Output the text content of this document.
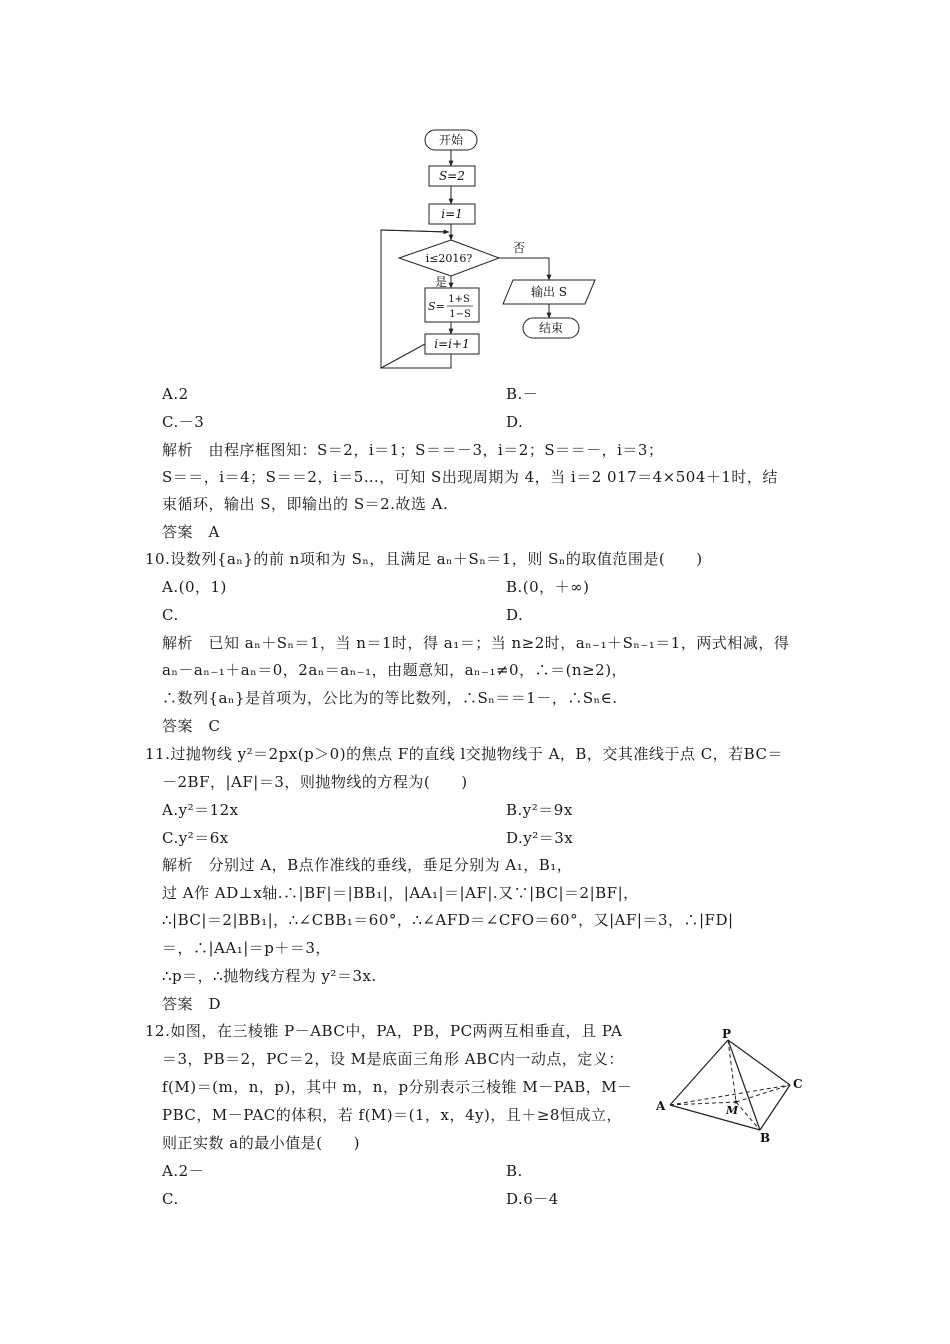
开始
S=2
i=1
i≤2016?
否
是
S=
1+S
1−S
i=i+1
输出 S
结束
A.2	B.－
C.－3	D.
解析　由程序框图知：S＝2，i＝1；S＝＝－3，i＝2；S＝＝－，i＝3；
S＝＝，i＝4；S＝＝2，i＝5…，可知 S出现周期为 4，当 i＝2 017＝4×504＋1时，结
束循环，输出 S，即输出的 S＝2.故选 A.
答案　A
10.设数列{aₙ}的前 n项和为 Sₙ，且满足 aₙ＋Sₙ＝1，则 Sₙ的取值范围是(　　)
A.(0，1)	B.(0，＋∞)
C.	D.
解析　已知 aₙ＋Sₙ＝1，当 n＝1时，得 a₁＝；当 n≥2时，aₙ₋₁＋Sₙ₋₁＝1，两式相减，得
aₙ－aₙ₋₁＋aₙ＝0，2aₙ＝aₙ₋₁，由题意知，aₙ₋₁≠0，∴＝(n≥2)，
∴数列{aₙ}是首项为，公比为的等比数列，∴Sₙ＝＝1－，∴Sₙ∈.
答案　C
11.过抛物线 y²＝2px(p＞0)的焦点 F的直线 l交抛物线于 A，B，交其准线于点 C，若BC＝
－2BF，|AF|＝3，则抛物线的方程为(　　)
A.y²＝12x	B.y²＝9x
C.y²＝6x	D.y²＝3x
解析　分别过 A，B点作准线的垂线，垂足分别为 A₁，B₁，
过 A作 AD⊥x轴.∴|BF|＝|BB₁|，|AA₁|＝|AF|.又∵|BC|＝2|BF|，
∴|BC|＝2|BB₁|，∴∠CBB₁＝60°，∴∠AFD＝∠CFO＝60°，又|AF|＝3，∴|FD|
＝，∴|AA₁|＝p＋＝3，
∴p＝，∴抛物线方程为 y²＝3x.
答案　D
12.如图，在三棱锥 P－ABC中，PA，PB，PC两两互相垂直，且 PA
＝3，PB＝2，PC＝2，设 M是底面三角形 ABC内一动点，定义：
f(M)＝(m，n，p)，其中 m，n，p分别表示三棱锥 M－PAB，M－
PBC，M－PAC的体积，若 f(M)＝(1，x，4y)，且＋≥8恒成立，
则正实数 a的最小值是(　　)
A.2－	B.
C.	D.6－4
P
A
B
C
M
